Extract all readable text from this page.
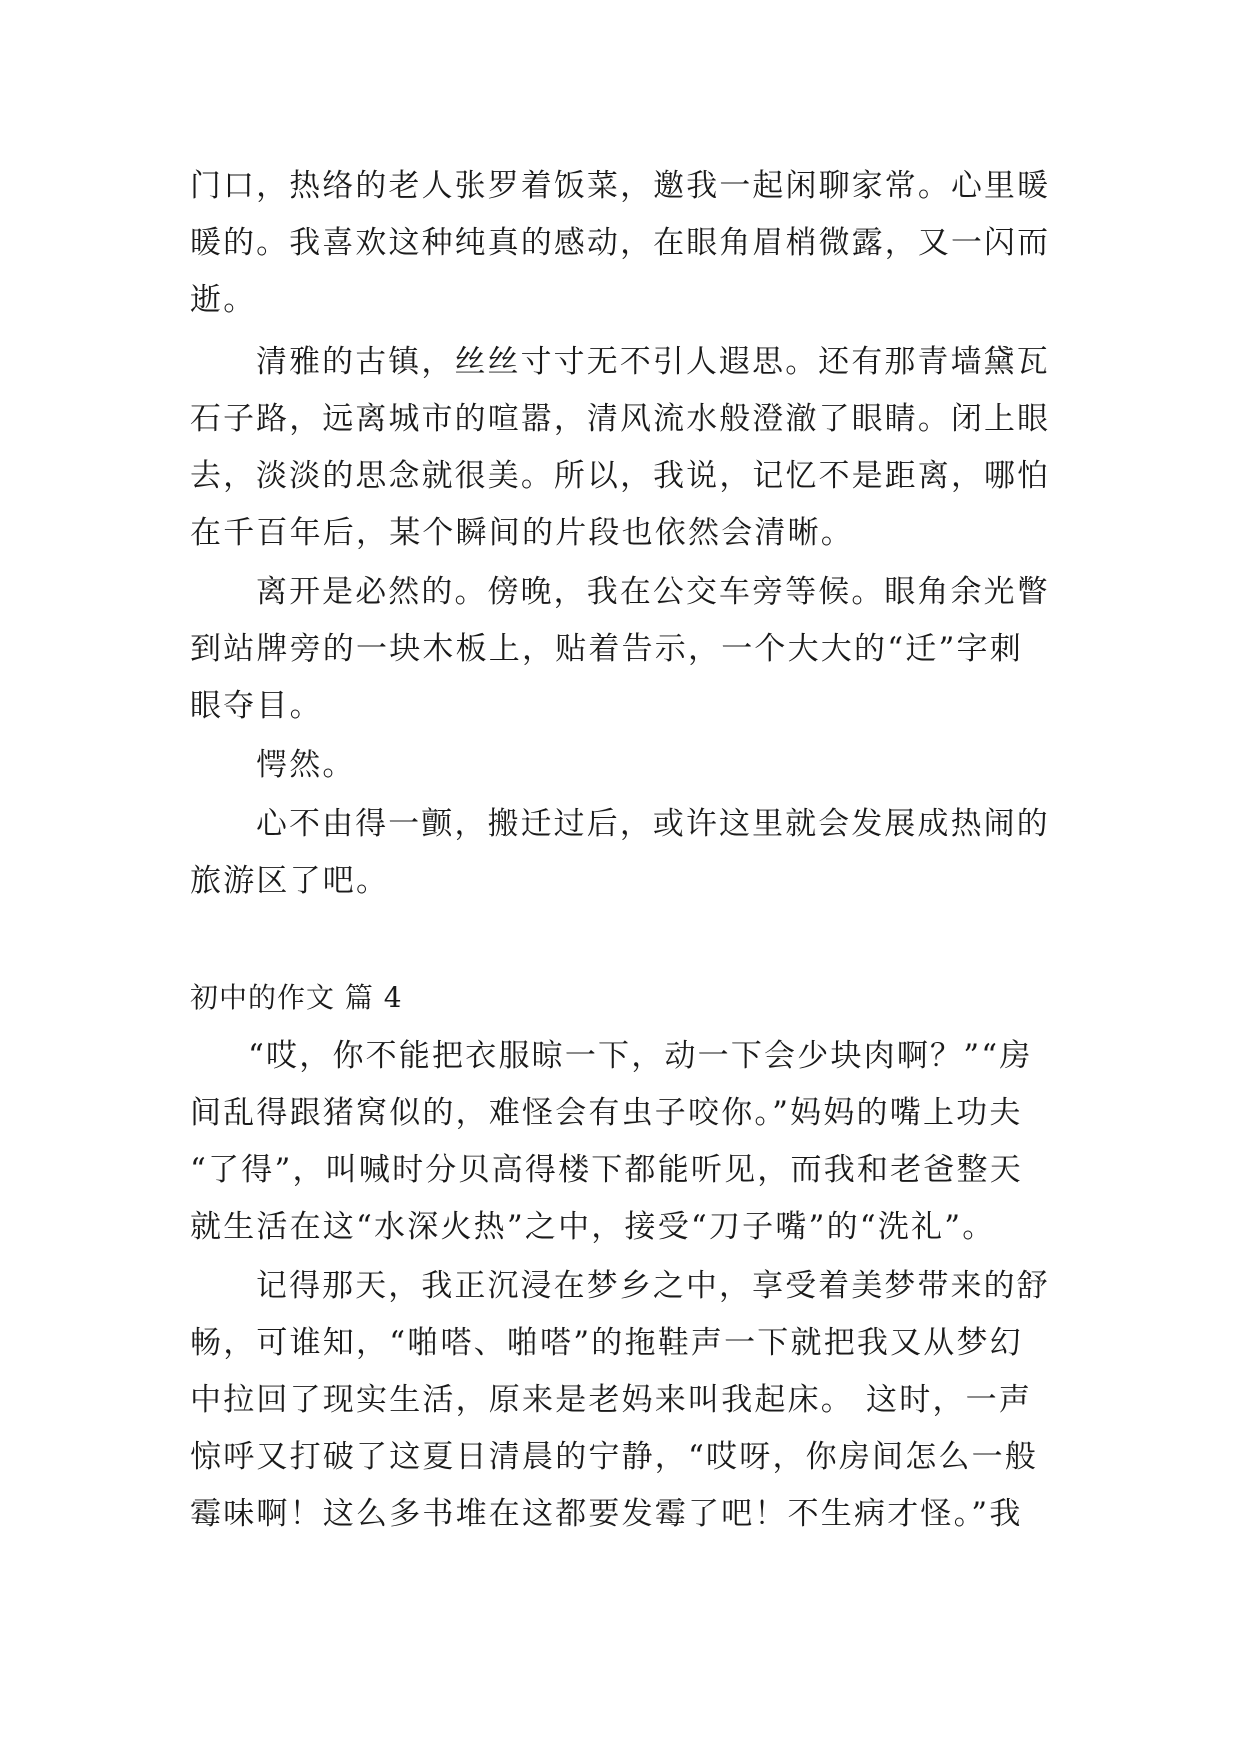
门口，热络的老人张罗着饭菜，邀我一起闲聊家常。心里暖
暖的。我喜欢这种纯真的感动，在眼角眉梢微露，又一闪而
逝。
清雅的古镇，丝丝寸寸无不引人遐思。还有那青墙黛瓦
石子路，远离城市的喧嚣，清风流水般澄澈了眼睛。闭上眼
去，淡淡的思念就很美。所以，我说，记忆不是距离，哪怕
在千百年后，某个瞬间的片段也依然会清晰。
离开是必然的。傍晚，我在公交车旁等候。眼角余光瞥
到站牌旁的一块木板上，贴着告示，一个大大的“迁”字刺
眼夺目。
愕然。
心不由得一颤，搬迁过后，或许这里就会发展成热闹的
旅游区了吧。
初中的作文 篇 4
“哎，你不能把衣服晾一下，动一下会少块肉啊？”“房
间乱得跟猪窝似的，难怪会有虫子咬你。”妈妈的嘴上功夫
“了得”，叫喊时分贝高得楼下都能听见，而我和老爸整天
就生活在这“水深火热”之中，接受“刀子嘴”的“洗礼”。
记得那天，我正沉浸在梦乡之中，享受着美梦带来的舒
畅，可谁知，“啪嗒、啪嗒”的拖鞋声一下就把我又从梦幻
中拉回了现实生活，原来是老妈来叫我起床。 这时，一声
惊呼又打破了这夏日清晨的宁静，“哎呀，你房间怎么一般
霉味啊！这么多书堆在这都要发霉了吧！不生病才怪。”我
